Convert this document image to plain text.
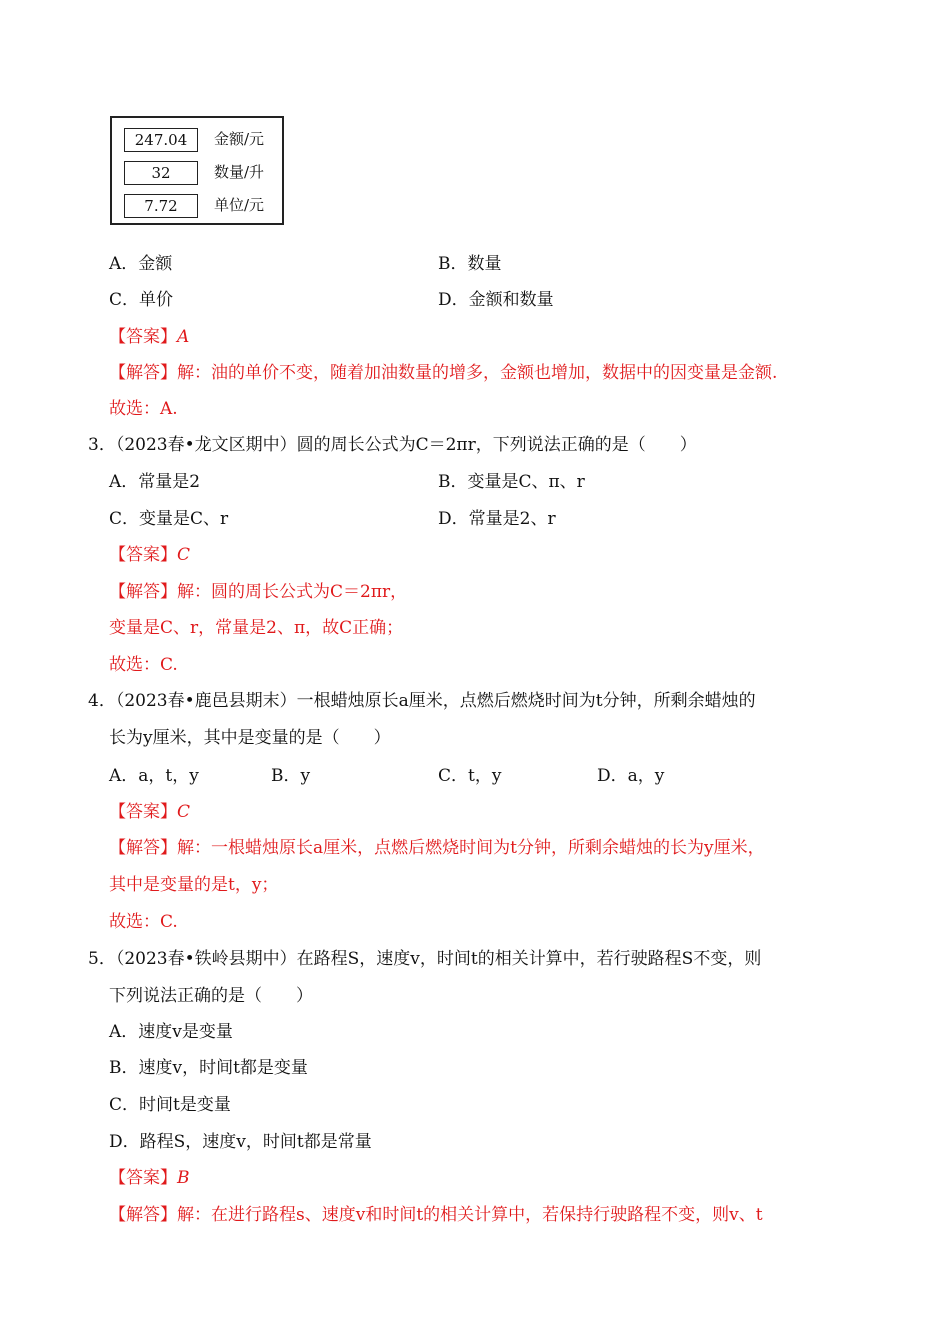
247.04	金额/元
32	数量/升
7.72	单位/元
A．金额	B．数量
C．单价	D．金额和数量
【答案】A
【解答】解：油的单价不变，随着加油数量的增多，金额也增加，数据中的因变量是金额.
故选：A.
3．（2023春•龙文区期中）圆的周长公式为C＝2πr，下列说法正确的是（　　）
A．常量是2	B．变量是C、π、r
C．变量是C、r	D．常量是2、r
【答案】C
【解答】解：圆的周长公式为C＝2πr，
变量是C、r，常量是2、π，故C正确；
故选：C.
4．（2023春•鹿邑县期末）一根蜡烛原长a厘米，点燃后燃烧时间为t分钟，所剩余蜡烛的
长为y厘米，其中是变量的是（　　）
A．a，t，y	B．y	C．t，y	D．a，y
【答案】C
【解答】解：一根蜡烛原长a厘米，点燃后燃烧时间为t分钟，所剩余蜡烛的长为y厘米，
其中是变量的是t，y；
故选：C.
5．（2023春•铁岭县期中）在路程S，速度v，时间t的相关计算中，若行驶路程S不变，则
下列说法正确的是（　　）
A．速度v是变量
B．速度v，时间t都是变量
C．时间t是变量
D．路程S，速度v，时间t都是常量
【答案】B
【解答】解：在进行路程s、速度v和时间t的相关计算中，若保持行驶路程不变，则v、t
